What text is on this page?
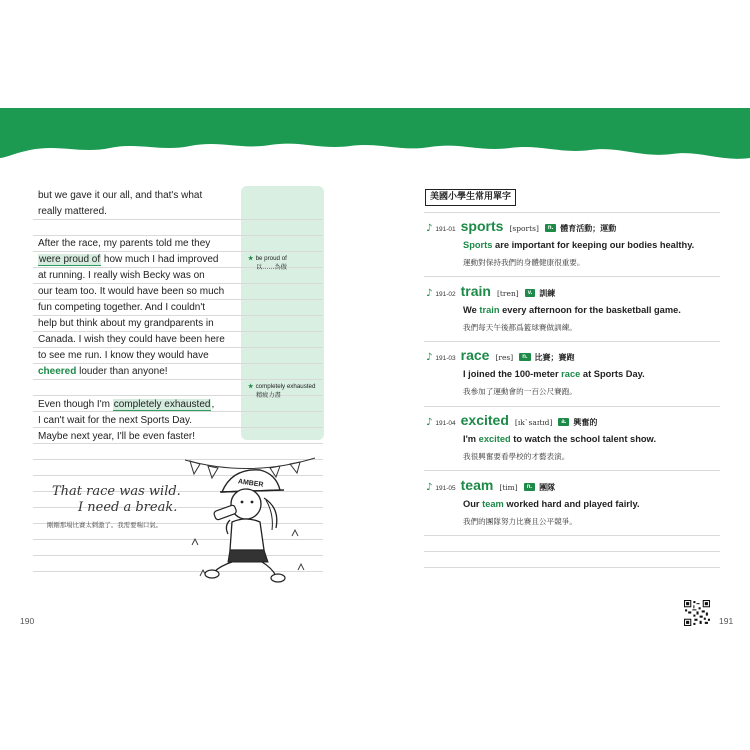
but we gave it our all, and that's what
really mattered.
After the race, my parents told me they
were proud of how much I had improved
at running. I really wish Becky was on
our team too. It would have been so much
fun competing together. And I couldn't
help but think about my grandparents in
Canada. I wish they could have been here
to see me run. I know they would have
cheered louder than anyone!
Even though I'm completely exhausted,
I can't wait for the next Sports Day.
Maybe next year, I'll be even faster!
★ be proud of
以……為傲
★ completely exhausted
精疲力盡
That race was wild.
I need a break.
剛剛那場比賽太刺激了。我需要喘口氣。
AMBER
190
美國小學生常用單字
♪ 191-01 sports [sports]	n. 體育活動；運動
Sports are important for keeping our bodies healthy.
運動對保持我們的身體健康很重要。
♪ 191-02 train [tren]	v. 訓練
We train every afternoon for the basketball game.
我們每天午後都爲籃球賽做訓練。
♪ 191-03 race [res]	n. 比賽；賽跑
I joined the 100-meter race at Sports Day.
我參加了運動會的一百公尺賽跑。
♪ 191-04 excited [ɪk`saɪtɪd]	a. 興奮的
I'm excited to watch the school talent show.
我很興奮要看學校的才藝表演。
♪ 191-05 team [tim]	n. 團隊
Our team worked hard and played fairly.
我們的團隊努力比賽且公平競爭。
191
